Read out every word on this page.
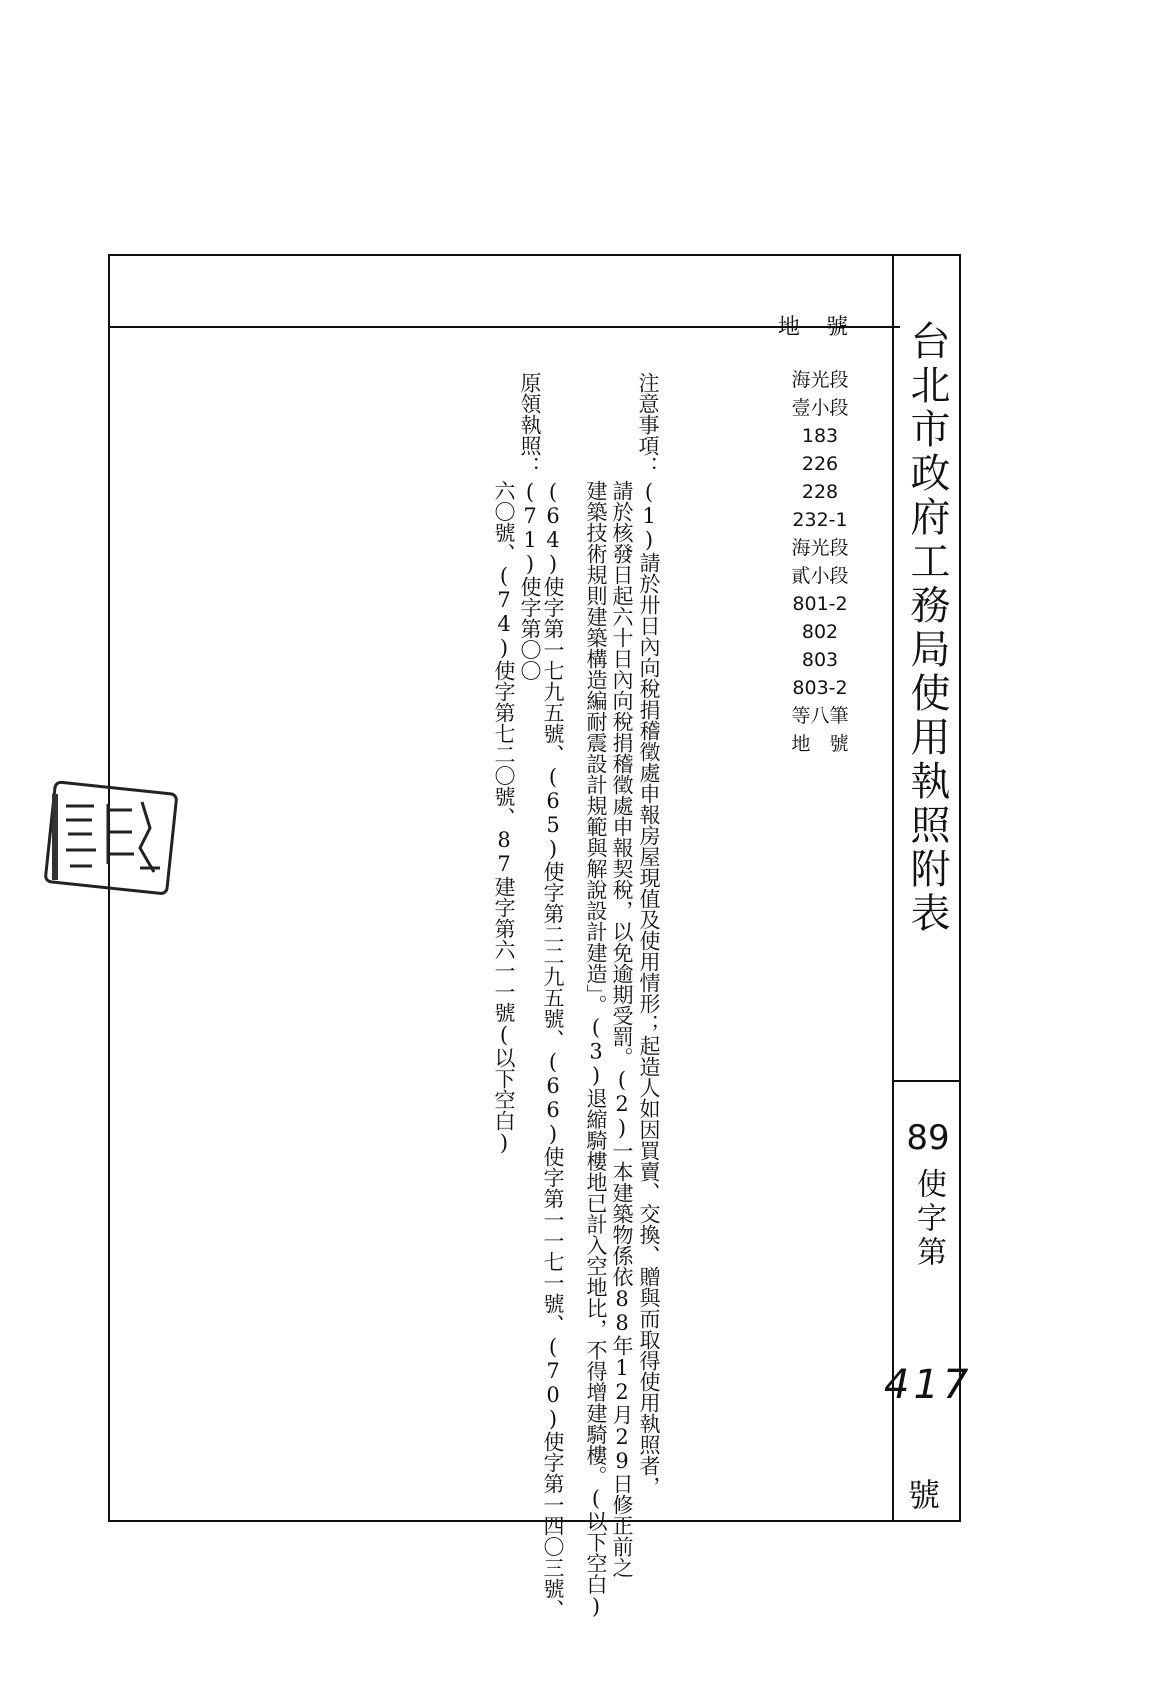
台北市政府工務局使用執照附表
89
使字第
417
號
地號
海光段
壹小段
183
226
228
232-1
海光段
貳小段
801-2
802
803
803-2
等八筆
地　號
注意事項：
(1)請於卅日內向稅捐稽徵處申報房屋現值及使用情形；起造人如因買賣、交換、贈與而取得使用執照者，
請於核發日起六十日內向稅捐稽徵處申報契稅，以免逾期受罰。(2)一本建築物係依88年12月29日修正前之
建築技術規則建築構造編耐震設計規範與解說設計建造」。(3)退縮騎樓地已計入空地比，不得增建騎樓。(以下空白)
原領執照：
(64)使字第一七九五號、(65)使字第二二九五號、(66)使字第一一七一號、(70)使字第一四〇三號、(71)使字第〇〇
六〇號、(74)使字第七二〇號、87建字第六一一號(以下空白)
